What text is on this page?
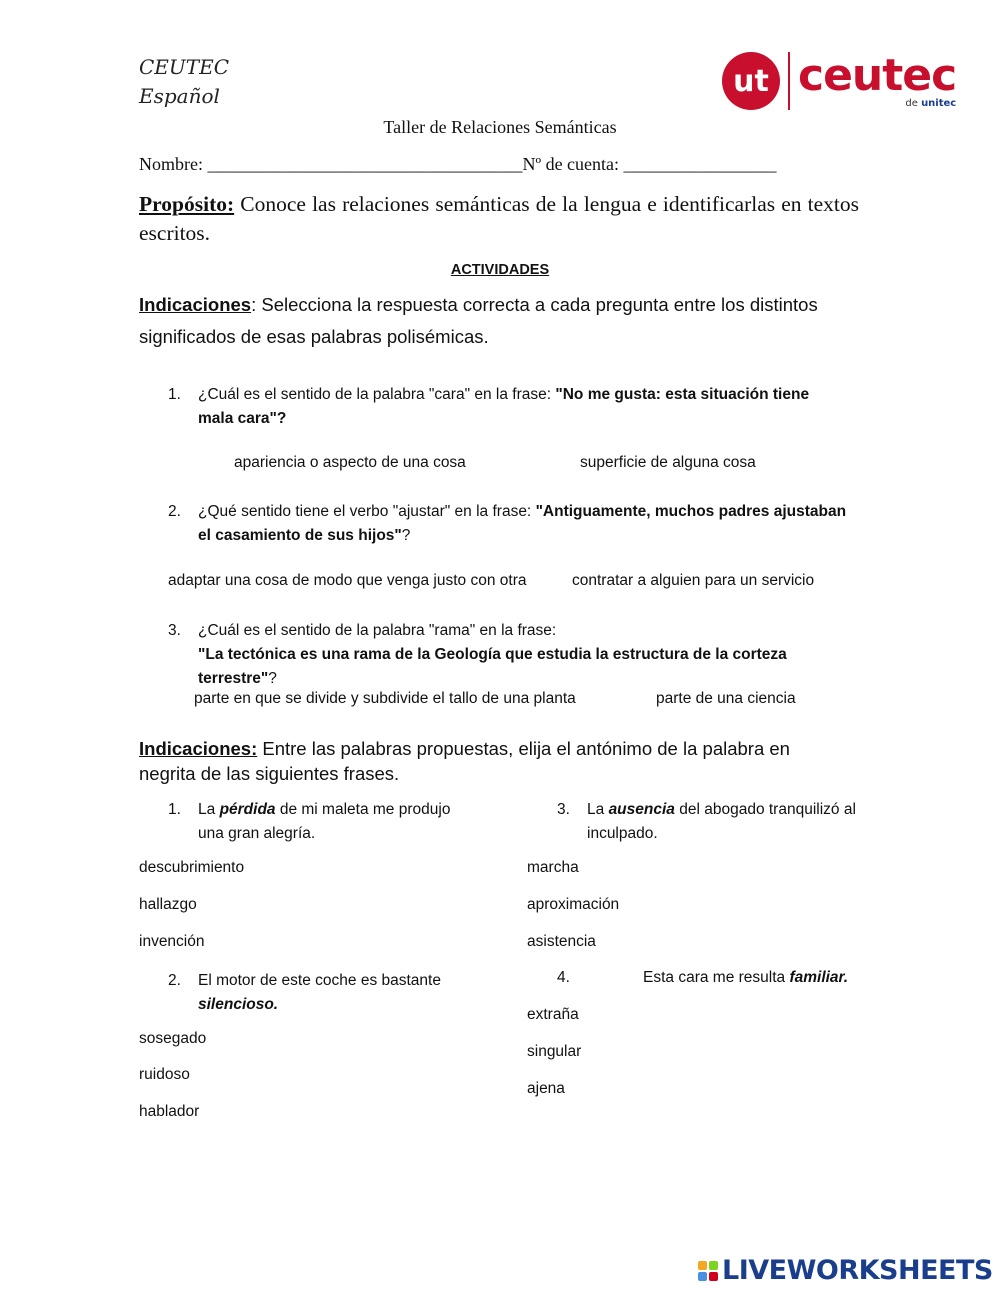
CEUTEC
Español	ut ceutec
de unitec
Taller de Relaciones Semánticas
Nombre: ___________________________________Nº de cuenta: _________________
Propósito: Conoce las relaciones semánticas de la lengua e identificarlas en textos escritos.
ACTIVIDADES
Indicaciones: Selecciona la respuesta correcta a cada pregunta entre los distintos significados de esas palabras polisémicas.
1.	¿Cuál es el sentido de la palabra "cara" en la frase: "No me gusta: esta situación tiene mala cara"?
apariencia o aspecto de una cosa	superficie de alguna cosa
2.	¿Qué sentido tiene el verbo "ajustar" en la frase: "Antiguamente, muchos padres ajustaban el casamiento de sus hijos"?
adaptar una cosa de modo que venga justo con otra	contratar a alguien para un servicio
3.	¿Cuál es el sentido de la palabra "rama" en la frase:
"La tectónica es una rama de la Geología que estudia la estructura de la corteza terrestre"?
parte en que se divide y subdivide el tallo de una planta	parte de una ciencia
Indicaciones: Entre las palabras propuestas, elija el antónimo de la palabra en negrita de las siguientes frases.
1.	La pérdida de mi maleta me produjo una gran alegría.
descubrimiento
hallazgo
invención
3.	La ausencia del abogado tranquilizó al inculpado.
marcha
aproximación
asistencia
2.	El motor de este coche es bastante silencioso.
sosegado
ruidoso
hablador
4.	Esta cara me resulta familiar.
extraña
singular
ajena
LIVEWORKSHEETS
